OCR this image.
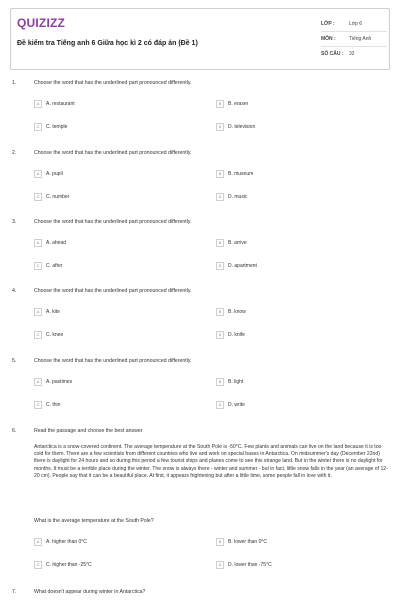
QUIZIZZ
Đề kiểm tra Tiếng anh 6 Giữa học kì 2 có đáp án (Đề 1)
LỚP :	Lớp 6
MÔN :	Tiếng Anh
SỐ CÂU :	32
1.	Choose the word that has the underlined part pronounced differently.
A	A. restaurant	B	B. eraser
C	C. temple	D	D. television
2.	Choose the word that has the underlined part pronounced differently.
A	A. pupil	B	B. museum
C	C. number	D	D. music
3.	Choose the word that has the underlined part pronounced differently.
A	A. ahead	B	B. arrive
C	C. after	D	D. apartment
4.	Choose the word that has the underlined part pronounced differently.
A	A. kite	B	B. know
C	C. knee	D	D. knife
5.	Choose the word that has the underlined part pronounced differently.
A	A. pastimes	B	B. light
C	C. thin	D	D. write
6.	Read the passage and choose the best answer
Antarctica is a snow-covered continent. The average temperature at the South Pole is -50°C. Few plants and animals can live on the land because it is too cold for them. There are a few scientists from different countries who live and work on special bases in Antarctica. On midsummer's day (December 22nd) there is daylight for 24 hours and so during this period a few tourist ships and planes come to see this strange land. But in the winter there is no daylight for months. It must be a terrible place during the winter. The snow is always there - winter and summer - but in fact, little snow falls in the year (an average of 12-20 cm). People say that it can be a beautiful place. At first, it appears frightening but after a little time, some people fall in love with it.
What is the average temperature at the South Pole?
A	A. higher than 0°C	B	B. lower than 0°C
C	C. higher than -25°C	D	D. lower than -75°C
7.	What doesn't appear during winter in Antarctica?
